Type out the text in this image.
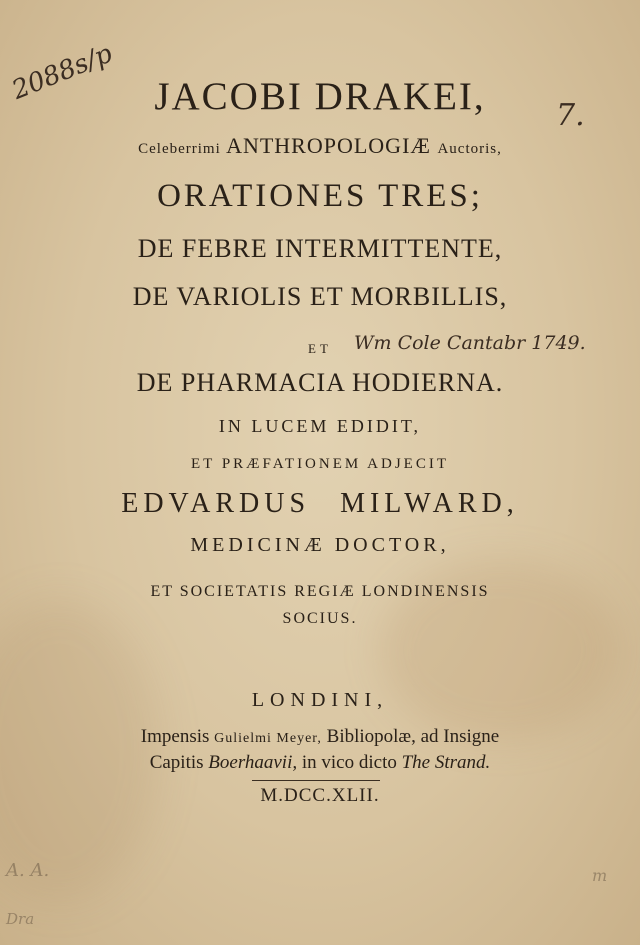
2088s/p
7.
JACOBI DRAKEI,
Celeberrimi ANTHROPOLOGIÆ Auctoris,
ORATIONES TRES;
DE FEBRE INTERMITTENTE,
DE VARIOLIS ET MORBILLIS,
ET Wm Cole Cantabr 1749.
DE PHARMACIA HODIERNA.
IN LUCEM EDIDIT,
ET PRÆFATIONEM ADJECIT
EDVARDUS MILWARD,
MEDICINÆ DOCTOR,
ET SOCIETATIS REGIÆ LONDINENSIS
SOCIUS.
LONDINI,
Impensis Gulielmi Meyer, Bibliopolæ, ad Insigne
Capitis Boerhaavii, in vico dicto The Strand.
M.DCC.XLII.
A. A.
Dra
m
